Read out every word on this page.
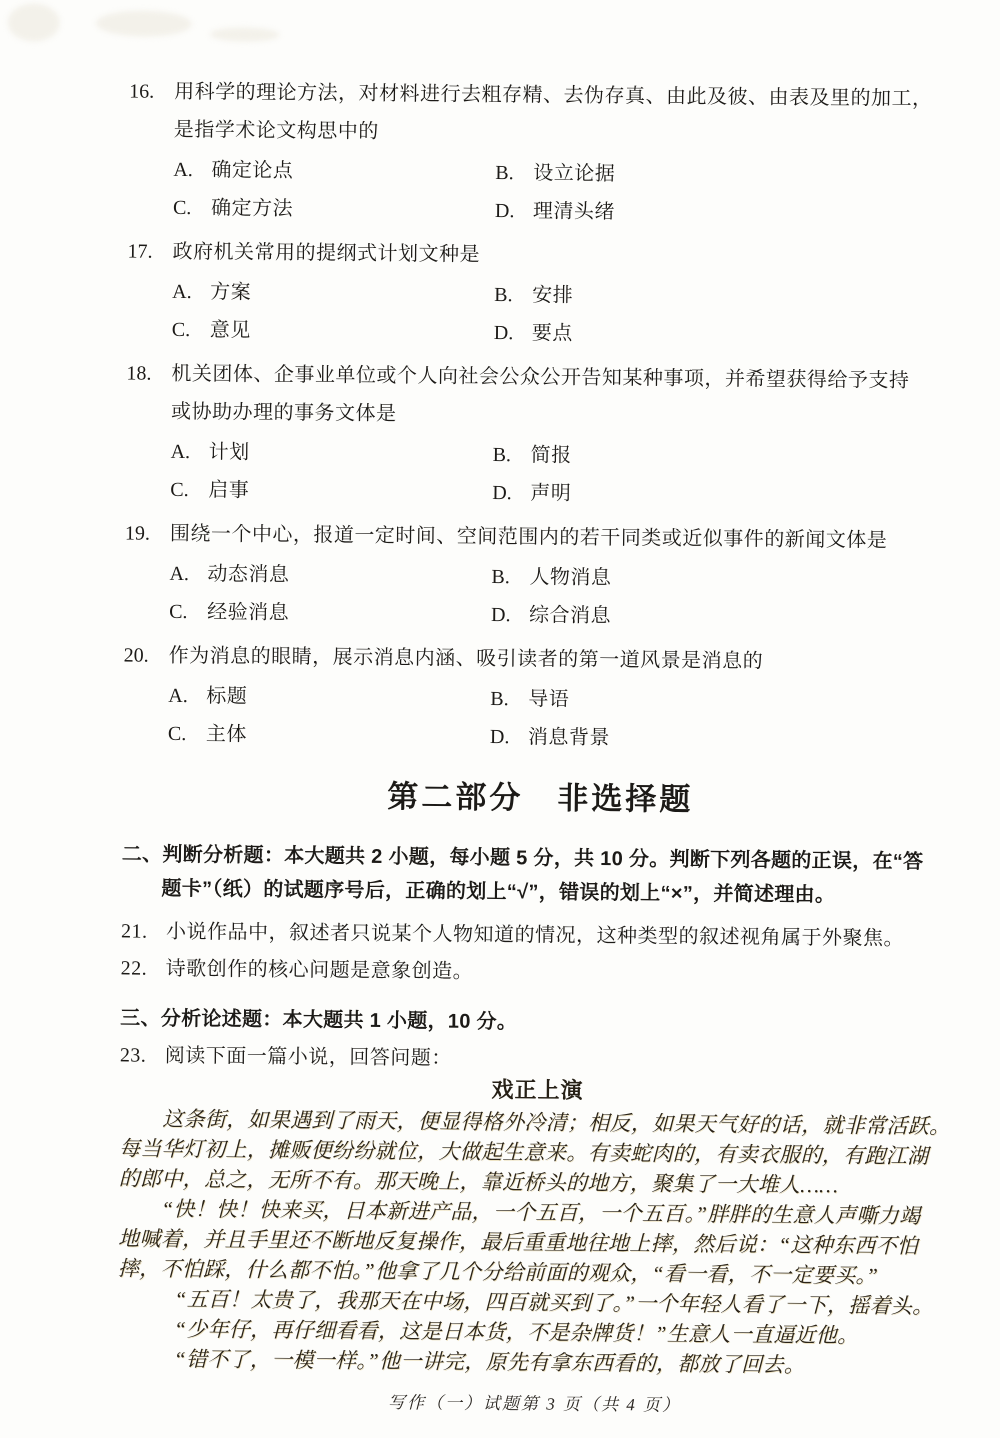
16. 用科学的理论方法，对材料进行去粗存精、去伪存真、由此及彼、由表及里的加工，
是指学术论文构思中的
A. 确定论点	B. 设立论据
C. 确定方法	D. 理清头绪
17. 政府机关常用的提纲式计划文种是
A. 方案	B. 安排
C. 意见	D. 要点
18. 机关团体、企事业单位或个人向社会公众公开告知某种事项，并希望获得给予支持
或协助办理的事务文体是
A. 计划	B. 简报
C. 启事	D. 声明
19. 围绕一个中心，报道一定时间、空间范围内的若干同类或近似事件的新闻文体是
A. 动态消息	B. 人物消息
C. 经验消息	D. 综合消息
20. 作为消息的眼睛，展示消息内涵、吸引读者的第一道风景是消息的
A. 标题	B. 导语
C. 主体	D. 消息背景
第二部分　非选择题
二、判断分析题：本大题共 2 小题，每小题 5 分，共 10 分。判断下列各题的正误，在“答
题卡”（纸）的试题序号后，正确的划上“√”，错误的划上“×”，并简述理由。
21. 小说作品中，叙述者只说某个人物知道的情况，这种类型的叙述视角属于外聚焦。
22. 诗歌创作的核心问题是意象创造。
三、分析论述题：本大题共 1 小题，10 分。
23. 阅读下面一篇小说，回答问题：
戏正上演
这条街，如果遇到了雨天，便显得格外冷清；相反，如果天气好的话，就非常活跃。
每当华灯初上，摊贩便纷纷就位，大做起生意来。有卖蛇肉的，有卖衣服的，有跑江湖
的郎中，总之，无所不有。那天晚上，靠近桥头的地方，聚集了一大堆人……
“快！快！快来买，日本新进产品，一个五百，一个五百。”胖胖的生意人声嘶力竭
地喊着，并且手里还不断地反复操作，最后重重地往地上摔，然后说：“这种东西不怕
摔，不怕踩，什么都不怕。”他拿了几个分给前面的观众，“看一看，不一定要买。”
“五百！太贵了，我那天在中场，四百就买到了。”一个年轻人看了一下，摇着头。
“少年仔，再仔细看看，这是日本货，不是杂牌货！”生意人一直逼近他。
“错不了，一模一样。”他一讲完，原先有拿东西看的，都放了回去。
写作（一）试题第 3 页（共 4 页）
